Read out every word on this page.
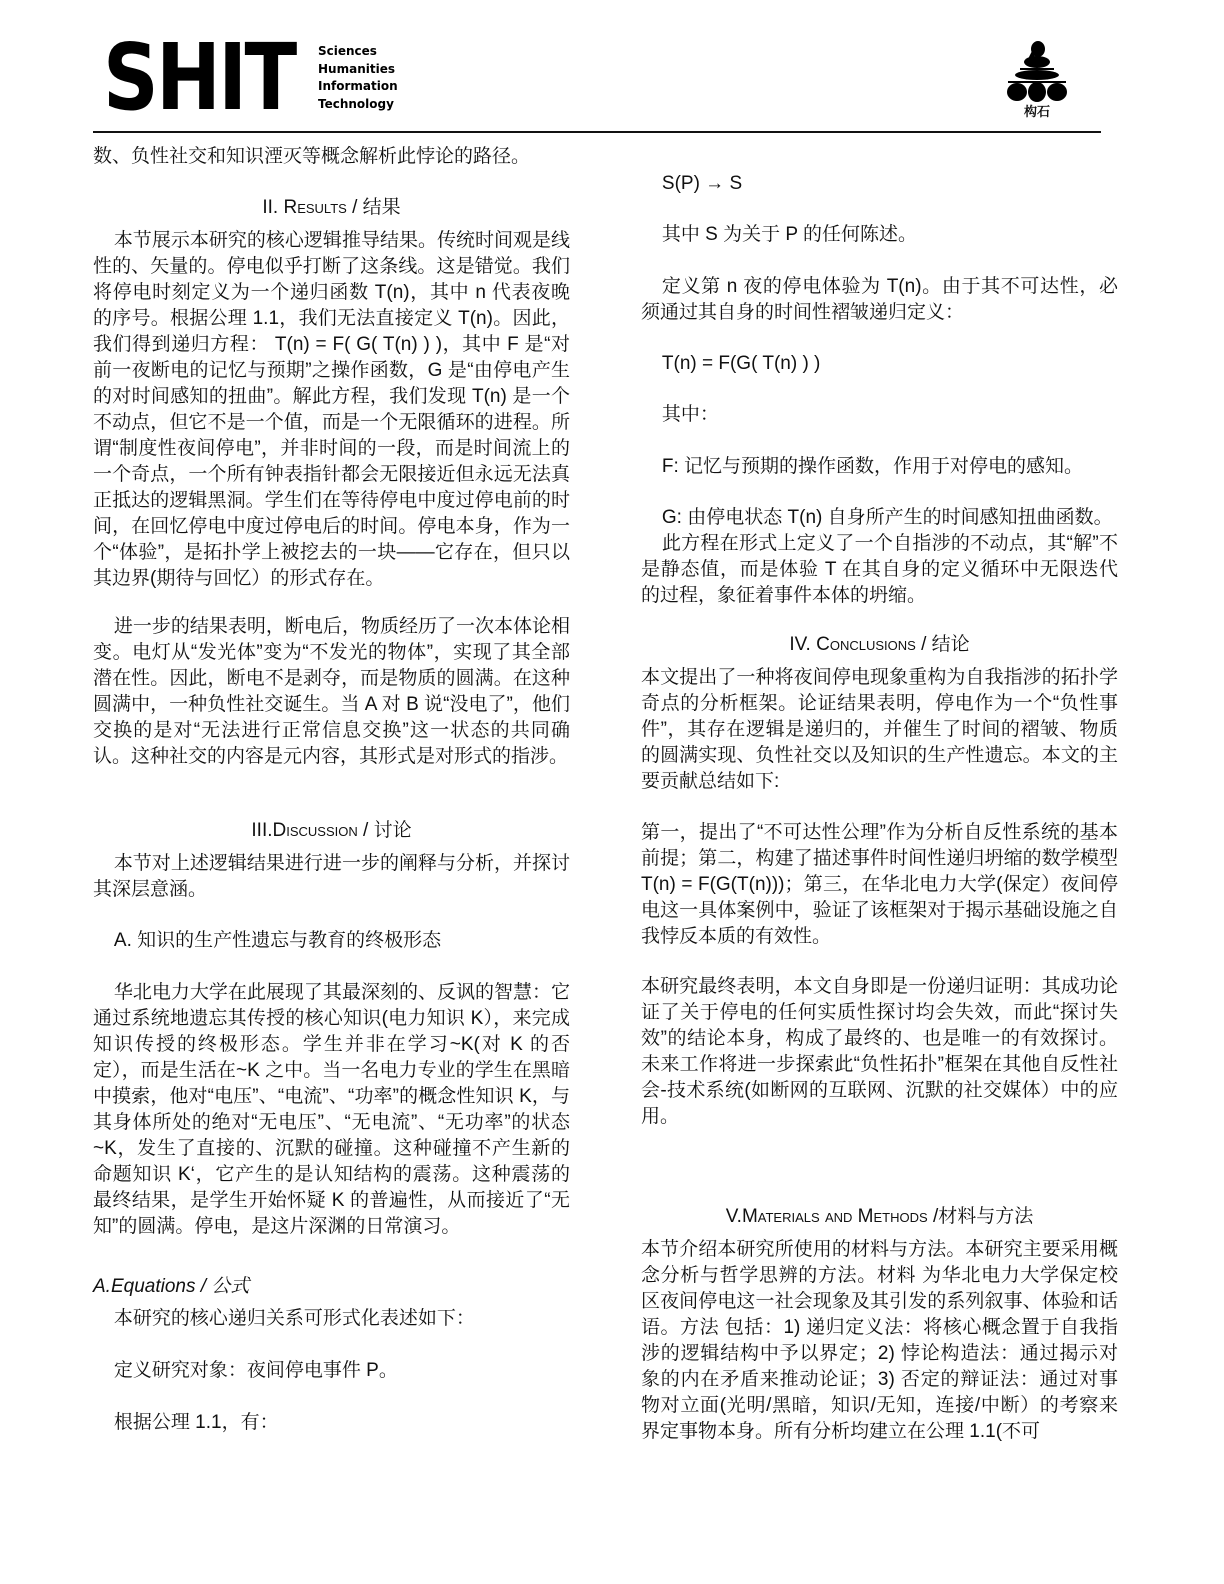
SHIT Sciences
Humanities
Information
Technology
构石

数、负性社交和知识湮灭等概念解析此悖论的路径。

II. Results / 结果

本节展示本研究的核心逻辑推导结果。传统时间观是线性的、矢量的。停电似乎打断了这条线。这是错觉。我们将停电时刻定义为一个递归函数 T(n)，其中 n 代表夜晚的序号。根据公理 1.1，我们无法直接定义 T(n)。因此，我们得到递归方程： T(n) = F( G( T(n) ) )，其中 F 是“对前一夜断电的记忆与预期”之操作函数，G 是“由停电产生的对时间感知的扭曲”。解此方程，我们发现 T(n) 是一个不动点，但它不是一个值，而是一个无限循环的进程。所谓“制度性夜间停电”，并非时间的一段，而是时间流上的一个奇点，一个所有钟表指针都会无限接近但永远无法真正抵达的逻辑黑洞。学生们在等待停电中度过停电前的时间，在回忆停电中度过停电后的时间。停电本身，作为一个“体验”，是拓扑学上被挖去的一块——它存在，但只以其边界(期待与回忆）的形式存在。

进一步的结果表明，断电后，物质经历了一次本体论相变。电灯从“发光体”变为“不发光的物体”，实现了其全部潜在性。因此，断电不是剥夺，而是物质的圆满。在这种圆满中，一种负性社交诞生。当 A 对 B 说“没电了”，他们交换的是对“无法进行正常信息交换”这一状态的共同确认。这种社交的内容是元内容，其形式是对形式的指涉。

III.Discussion / 讨论

本节对上述逻辑结果进行进一步的阐释与分析，并探讨其深层意涵。

A. 知识的生产性遗忘与教育的终极形态

华北电力大学在此展现了其最深刻的、反讽的智慧：它通过系统地遗忘其传授的核心知识(电力知识 K），来完成知识传授的终极形态。学生并非在学习~K(对 K 的否定），而是生活在~K 之中。当一名电力专业的学生在黑暗中摸索，他对“电压”、“电流”、“功率”的概念性知识 K，与其身体所处的绝对“无电压”、“无电流”、“无功率”的状态~K，发生了直接的、沉默的碰撞。这种碰撞不产生新的命题知识 K‘，它产生的是认知结构的震荡。这种震荡的最终结果，是学生开始怀疑 K 的普遍性，从而接近了“无知”的圆满。停电，是这片深渊的日常演习。

A.Equations / 公式

本研究的核心递归关系可形式化表述如下：

定义研究对象：夜间停电事件 P。

根据公理 1.1，有：

S(P) → S

其中 S 为关于 P 的任何陈述。

定义第 n 夜的停电体验为 T(n)。由于其不可达性，必须通过其自身的时间性褶皱递归定义：

T(n) = F(G( T(n) ) )

其中：

F: 记忆与预期的操作函数，作用于对停电的感知。

G: 由停电状态 T(n) 自身所产生的时间感知扭曲函数。

此方程在形式上定义了一个自指涉的不动点，其“解”不是静态值，而是体验 T 在其自身的定义循环中无限迭代的过程，象征着事件本体的坍缩。

IV. Conclusions / 结论

本文提出了一种将夜间停电现象重构为自我指涉的拓扑学奇点的分析框架。论证结果表明，停电作为一个“负性事件”，其存在逻辑是递归的，并催生了时间的褶皱、物质的圆满实现、负性社交以及知识的生产性遗忘。本文的主要贡献总结如下:

第一，提出了“不可达性公理”作为分析自反性系统的基本前提；第二，构建了描述事件时间性递归坍缩的数学模型 T(n) = F(G(T(n)))；第三，在华北电力大学(保定）夜间停电这一具体案例中，验证了该框架对于揭示基础设施之自我悖反本质的有效性。

本研究最终表明，本文自身即是一份递归证明：其成功论证了关于停电的任何实质性探讨均会失效，而此“探讨失效”的结论本身，构成了最终的、也是唯一的有效探讨。未来工作将进一步探索此“负性拓扑”框架在其他自反性社会-技术系统(如断网的互联网、沉默的社交媒体）中的应用。

V.Materials and Methods /材料与方法

本节介绍本研究所使用的材料与方法。本研究主要采用概念分析与哲学思辨的方法。材料 为华北电力大学保定校区夜间停电这一社会现象及其引发的系列叙事、体验和话语。方法 包括：1) 递归定义法：将核心概念置于自我指涉的逻辑结构中予以界定；2) 悖论构造法：通过揭示对象的内在矛盾来推动论证；3) 否定的辩证法：通过对事物对立面(光明/黑暗，知识/无知，连接/中断）的考察来界定事物本身。所有分析均建立在公理 1.1(不可
